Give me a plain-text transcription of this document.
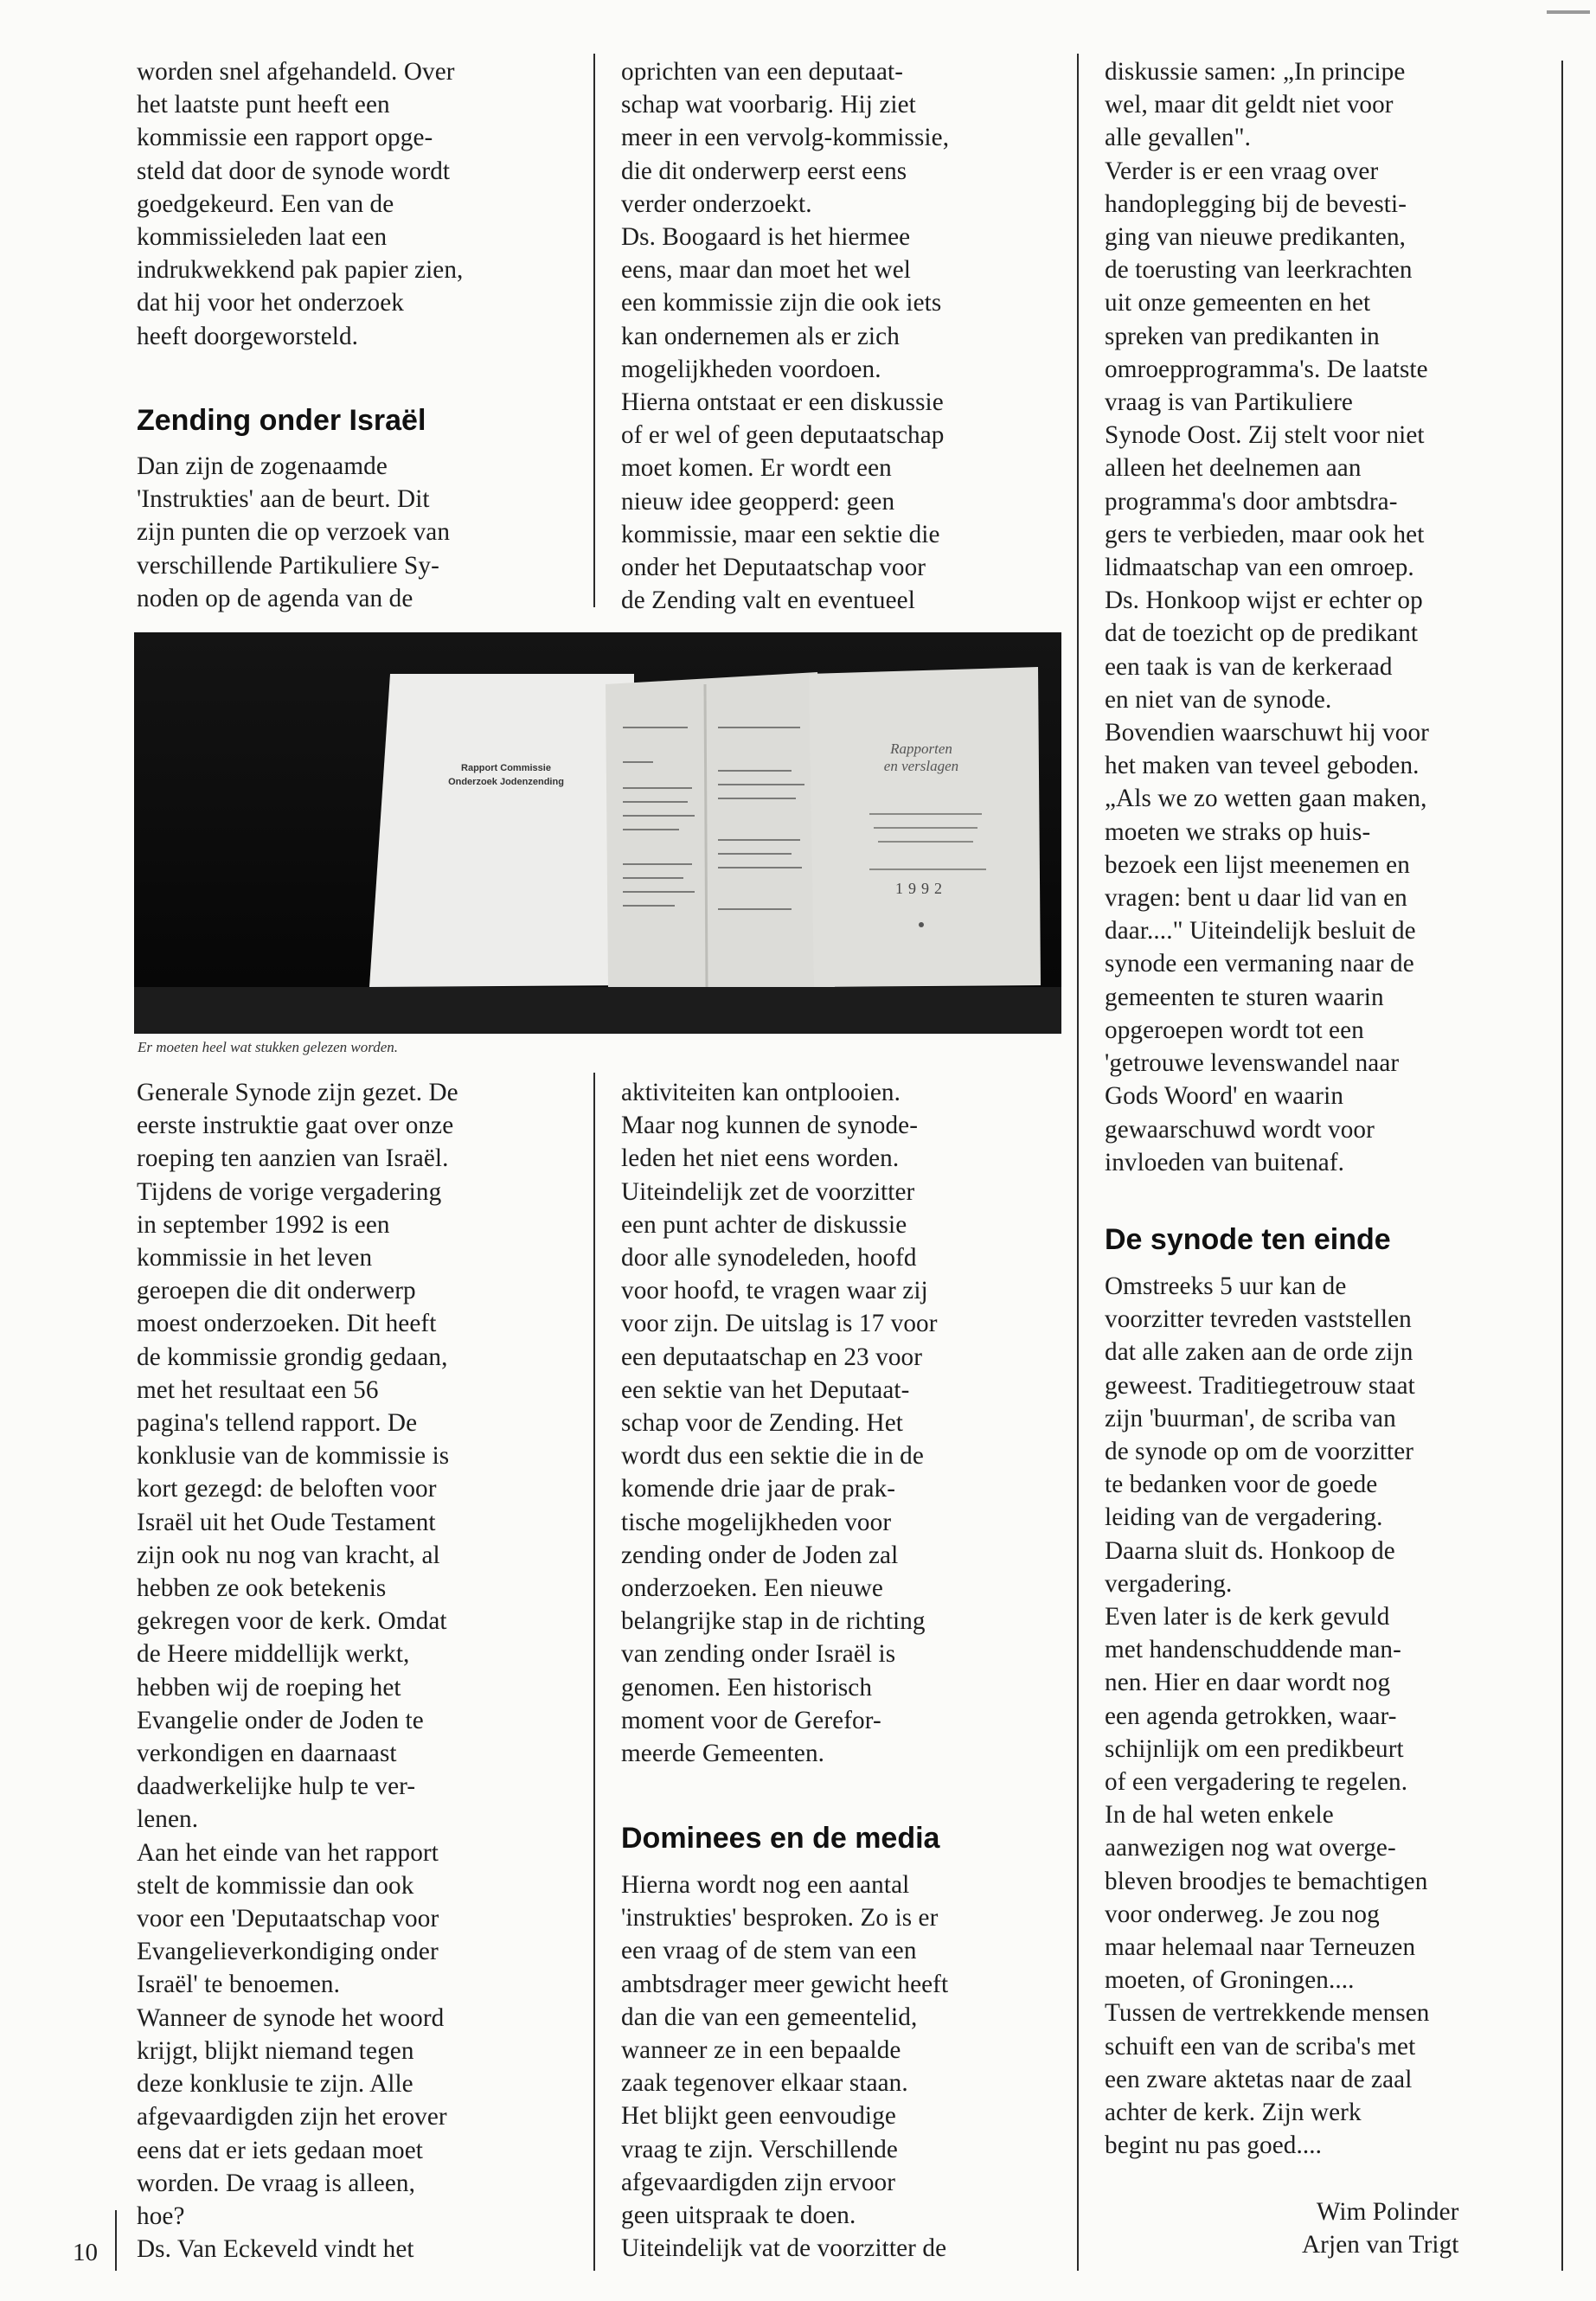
worden snel afgehandeld. Over

het laatste punt heeft een

kommissie een rapport opge-

steld dat door de synode wordt

goedgekeurd. Een van de

kommissieleden laat een

indrukwekkend pak papier zien,

dat hij voor het onderzoek

heeft doorgeworsteld.

Zending onder Israël

Dan zijn de zogenaamde

'Instrukties' aan de beurt. Dit

zijn punten die op verzoek van

verschillende Partikuliere Sy-

noden op de agenda van de

Generale Synode zijn gezet. De

eerste instruktie gaat over onze

roeping ten aanzien van Israël.

Tijdens de vorige vergadering

in september 1992 is een

kommissie in het leven

geroepen die dit onderwerp

moest onderzoeken. Dit heeft

de kommissie grondig gedaan,

met het resultaat een 56

pagina's tellend rapport. De

konklusie van de kommissie is

kort gezegd: de beloften voor

Israël uit het Oude Testament

zijn ook nu nog van kracht, al

hebben ze ook betekenis

gekregen voor de kerk. Omdat

de Heere middellijk werkt,

hebben wij de roeping het

Evangelie onder de Joden te

verkondigen en daarnaast

daadwerkelijke hulp te ver-

lenen.

Aan het einde van het rapport

stelt de kommissie dan ook

voor een 'Deputaatschap voor

Evangelieverkondiging onder

Israël' te benoemen.

Wanneer de synode het woord

krijgt, blijkt niemand tegen

deze konklusie te zijn. Alle

afgevaardigden zijn het erover

eens dat er iets gedaan moet

worden. De vraag is alleen,

hoe?

Ds. Van Eckeveld vindt het

oprichten van een deputaat-

schap wat voorbarig. Hij ziet

meer in een vervolg-kommissie,

die dit onderwerp eerst eens

verder onderzoekt.

Ds. Boogaard is het hiermee

eens, maar dan moet het wel

een kommissie zijn die ook iets

kan ondernemen als er zich

mogelijkheden voordoen.

Hierna ontstaat er een diskussie

of er wel of geen deputaatschap

moet komen. Er wordt een

nieuw idee geopperd: geen

kommissie, maar een sektie die

onder het Deputaatschap voor

de Zending valt en eventueel

aktiviteiten kan ontplooien.

Maar nog kunnen de synode-

leden het niet eens worden.

Uiteindelijk zet de voorzitter

een punt achter de diskussie

door alle synodeleden, hoofd

voor hoofd, te vragen waar zij

voor zijn. De uitslag is 17 voor

een deputaatschap en 23 voor

een sektie van het Deputaat-

schap voor de Zending. Het

wordt dus een sektie die in de

komende drie jaar de prak-

tische mogelijkheden voor

zending onder de Joden zal

onderzoeken. Een nieuwe

belangrijke stap in de richting

van zending onder Israël is

genomen. Een historisch

moment voor de Gerefor-

meerde Gemeenten.

Dominees en de media

Hierna wordt nog een aantal

'instrukties' besproken. Zo is er

een vraag of de stem van een

ambtsdrager meer gewicht heeft

dan die van een gemeentelid,

wanneer ze in een bepaalde

zaak tegenover elkaar staan.

Het blijkt geen eenvoudige

vraag te zijn. Verschillende

afgevaardigden zijn ervoor

geen uitspraak te doen.

Uiteindelijk vat de voorzitter de

diskussie samen: „In principe

wel, maar dit geldt niet voor

alle gevallen".

Verder is er een vraag over

handoplegging bij de bevesti-

ging van nieuwe predikanten,

de toerusting van leerkrachten

uit onze gemeenten en het

spreken van predikanten in

omroepprogramma's. De laatste

vraag is van Partikuliere

Synode Oost. Zij stelt voor niet

alleen het deelnemen aan

programma's door ambtsdra-

gers te verbieden, maar ook het

lidmaatschap van een omroep.

Ds. Honkoop wijst er echter op

dat de toezicht op de predikant

een taak is van de kerkeraad

en niet van de synode.

Bovendien waarschuwt hij voor

het maken van teveel geboden.

„Als we zo wetten gaan maken,

moeten we straks op huis-

bezoek een lijst meenemen en

vragen: bent u daar lid van en

daar...." Uiteindelijk besluit de

synode een vermaning naar de

gemeenten te sturen waarin

opgeroepen wordt tot een

'getrouwe levenswandel naar

Gods Woord' en waarin

gewaarschuwd wordt voor

invloeden van buitenaf.

De synode ten einde

Omstreeks 5 uur kan de

voorzitter tevreden vaststellen

dat alle zaken aan de orde zijn

geweest. Traditiegetrouw staat

zijn 'buurman', de scriba van

de synode op om de voorzitter

te bedanken voor de goede

leiding van de vergadering.

Daarna sluit ds. Honkoop de

vergadering.

Even later is de kerk gevuld

met handenschuddende man-

nen. Hier en daar wordt nog

een agenda getrokken, waar-

schijnlijk om een predikbeurt

of een vergadering te regelen.

In de hal weten enkele

aanwezigen nog wat overge-

bleven broodjes te bemachtigen

voor onderweg. Je zou nog

maar helemaal naar Terneuzen

moeten, of Groningen....

Tussen de vertrekkende mensen

schuift een van de scriba's met

een zware aktetas naar de zaal

achter de kerk. Zijn werk

begint nu pas goed....

Rapport Commissie
Onderzoek Jodenzending
Rapporten
en verslagen
1992
Er moeten heel wat stukken gelezen worden.
10

Wim Polinder

Arjen van Trigt
